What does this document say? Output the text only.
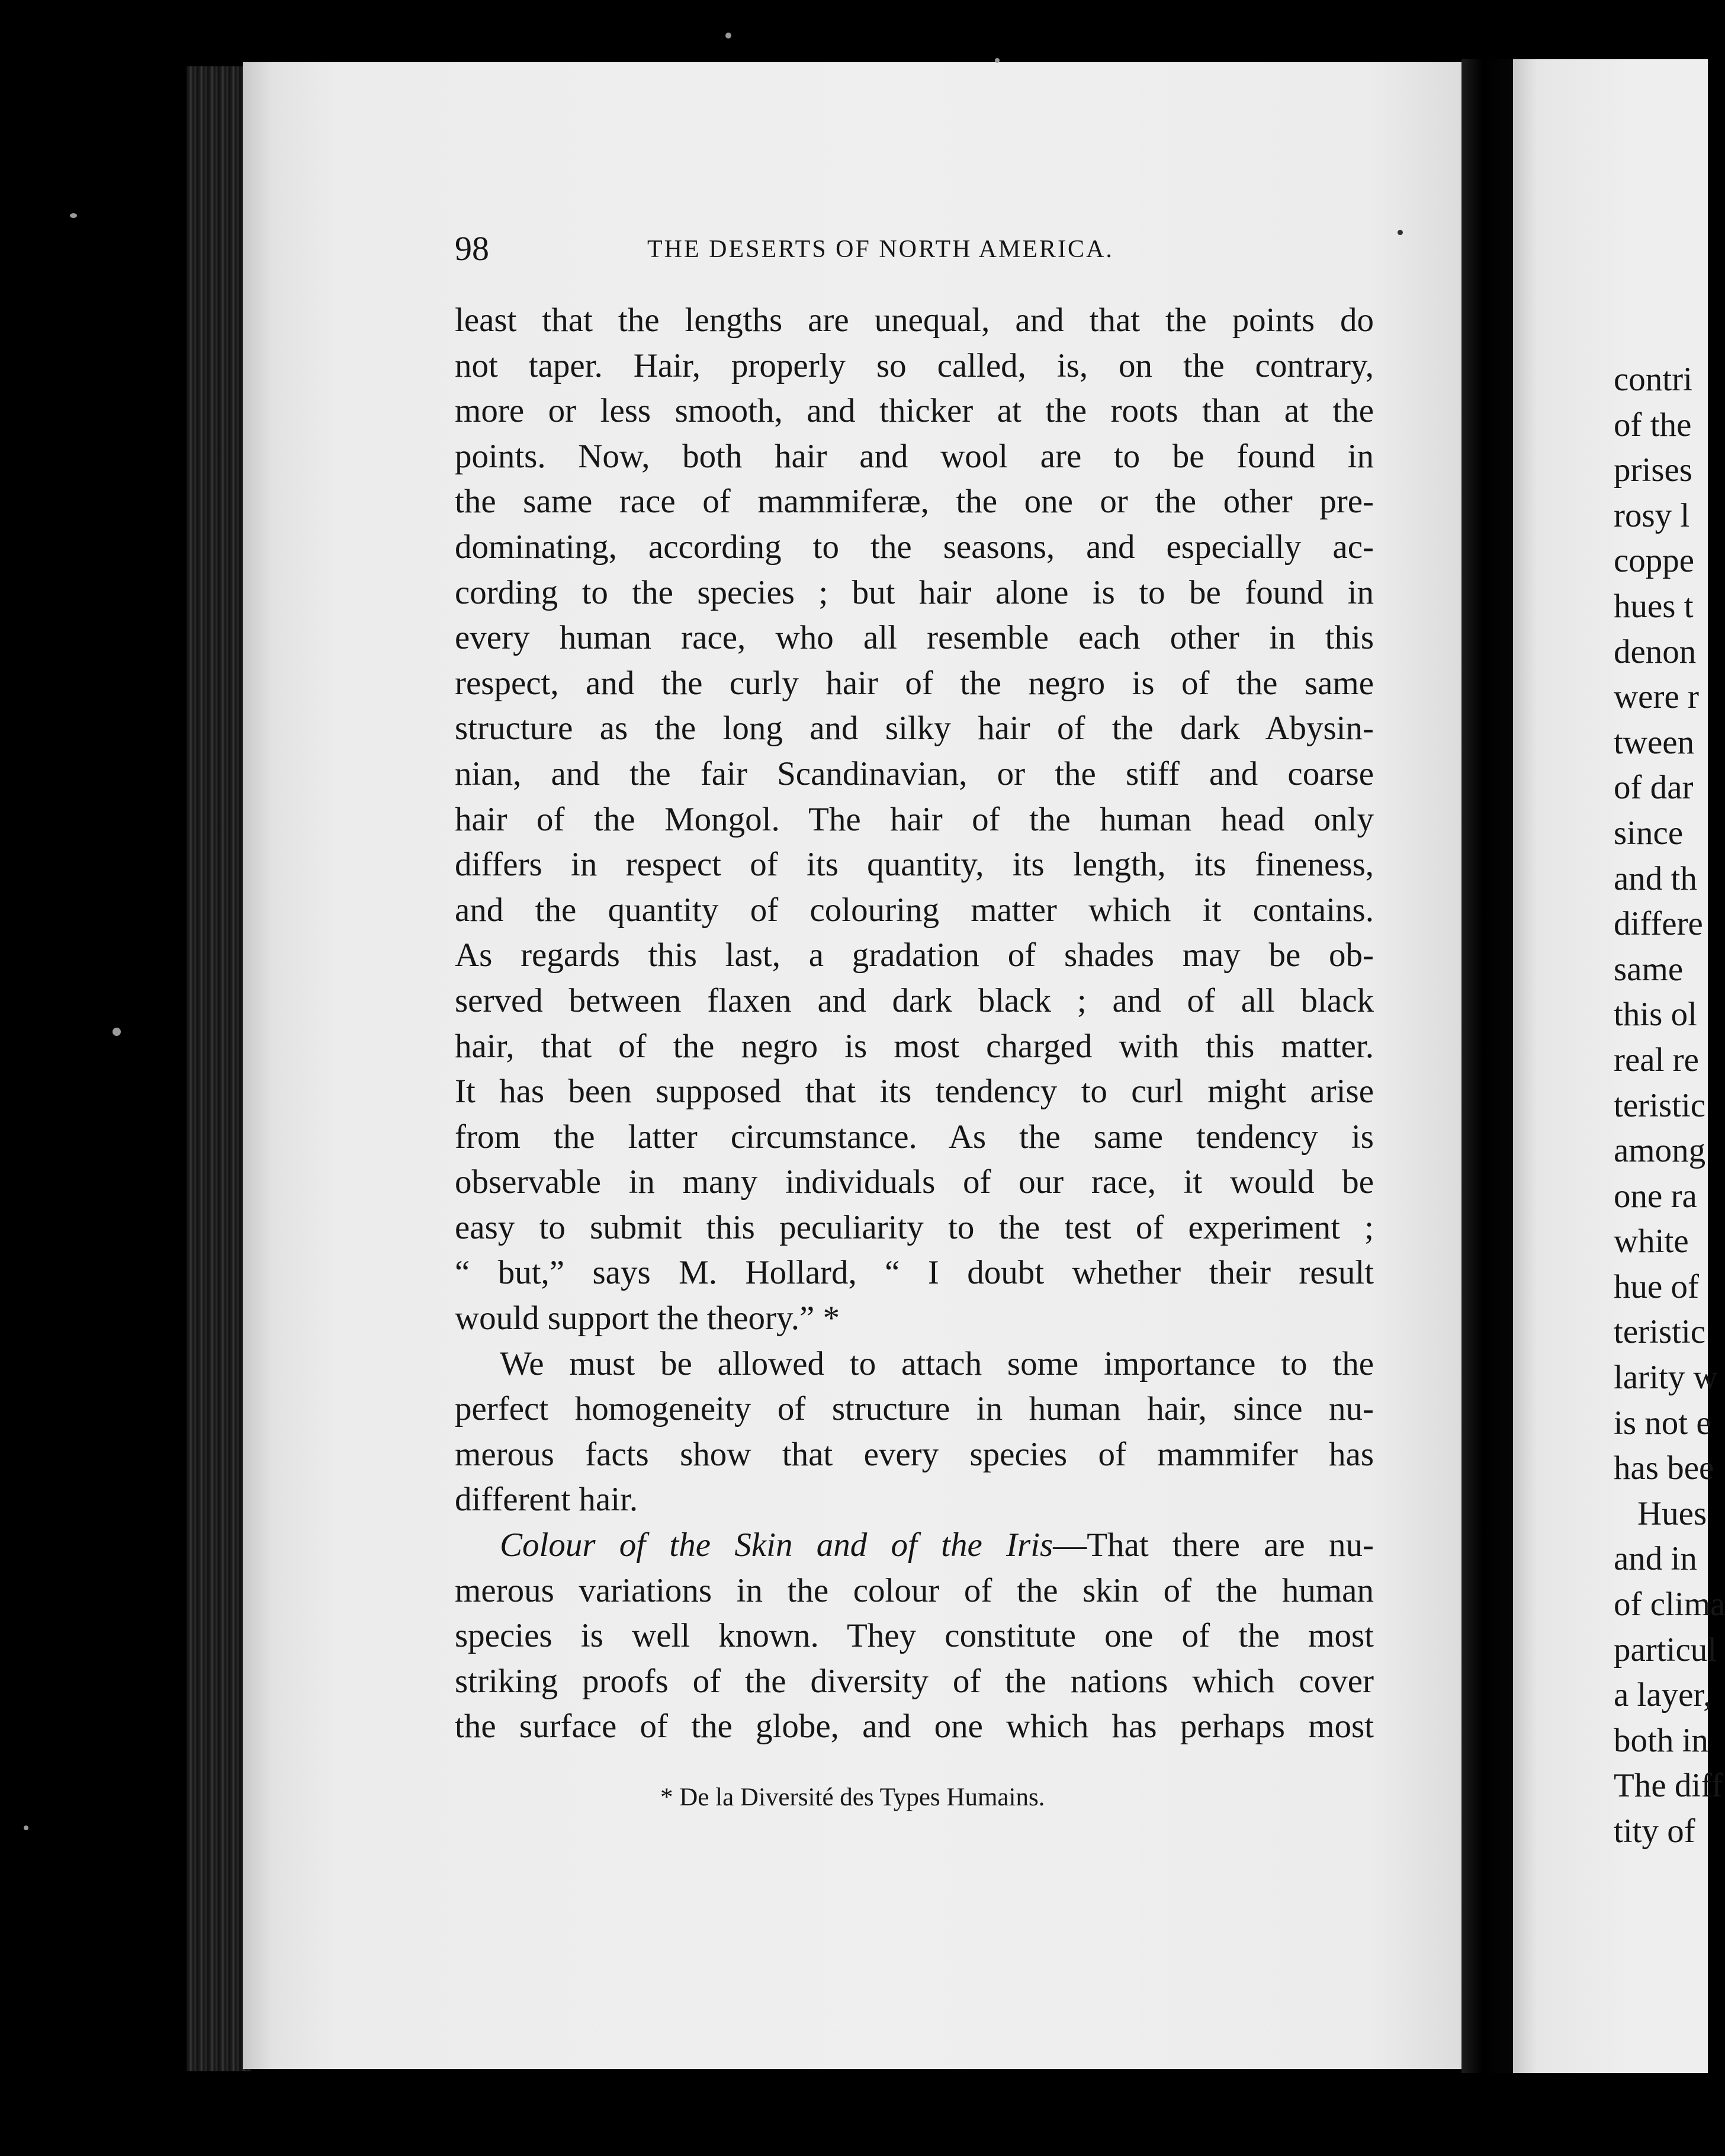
contri
of the
prises
rosy l
coppe
hues t
denon
were r
tween
of dar
since
and th
differe
same
this ol
real re
teristic
among
one ra
white
hue of
teristic
larity w
is not e
has bee
Hues
and in
of clima
particul
a layer,
both in
The diff
tity of
98	THE DESERTS OF NORTH AMERICA.
least that the lengths are unequal, and that the points do
not taper. Hair, properly so called, is, on the contrary,
more or less smooth, and thicker at the roots than at the
points. Now, both hair and wool are to be found in
the same race of mammiferæ, the one or the other pre-
dominating, according to the seasons, and especially ac-
cording to the species ; but hair alone is to be found in
every human race, who all resemble each other in this
respect, and the curly hair of the negro is of the same
structure as the long and silky hair of the dark Abysin-
nian, and the fair Scandinavian, or the stiff and coarse
hair of the Mongol. The hair of the human head only
differs in respect of its quantity, its length, its fineness,
and the quantity of colouring matter which it contains.
As regards this last, a gradation of shades may be ob-
served between flaxen and dark black ; and of all black
hair, that of the negro is most charged with this matter.
It has been supposed that its tendency to curl might arise
from the latter circumstance. As the same tendency is
observable in many individuals of our race, it would be
easy to submit this peculiarity to the test of experiment ;
“ but,” says M. Hollard, “ I doubt whether their result
would support the theory.” *
We must be allowed to attach some importance to the
perfect homogeneity of structure in human hair, since nu-
merous facts show that every species of mammifer has
different hair.
Colour of the Skin and of the Iris—That there are nu-
merous variations in the colour of the skin of the human
species is well known. They constitute one of the most
striking proofs of the diversity of the nations which cover
the surface of the globe, and one which has perhaps most
* De la Diversité des Types Humains.
